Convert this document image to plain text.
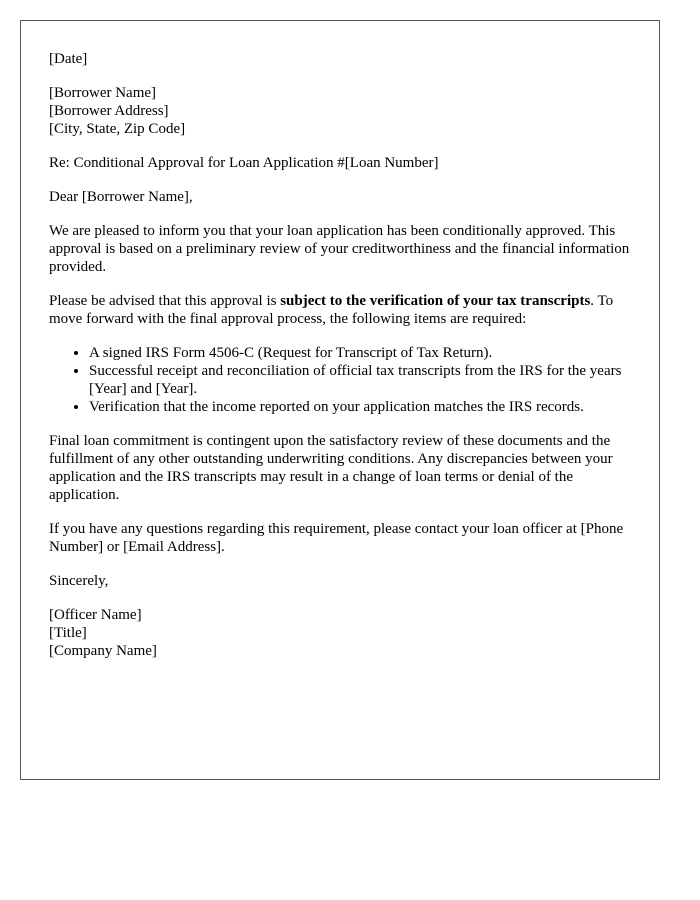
[Date]

[Borrower Name]
[Borrower Address]
[City, State, Zip Code]

Re: Conditional Approval for Loan Application #[Loan Number]

Dear [Borrower Name],

We are pleased to inform you that your loan application has been conditionally approved. This approval is based on a preliminary review of your creditworthiness and the financial information provided.

Please be advised that this approval is subject to the verification of your tax transcripts. To move forward with the final approval process, the following items are required:

• A signed IRS Form 4506-C (Request for Transcript of Tax Return).
• Successful receipt and reconciliation of official tax transcripts from the IRS for the years [Year] and [Year].
• Verification that the income reported on your application matches the IRS records.

Final loan commitment is contingent upon the satisfactory review of these documents and the fulfillment of any other outstanding underwriting conditions. Any discrepancies between your application and the IRS transcripts may result in a change of loan terms or denial of the application.

If you have any questions regarding this requirement, please contact your loan officer at [Phone Number] or [Email Address].

Sincerely,

[Officer Name]
[Title]
[Company Name]
